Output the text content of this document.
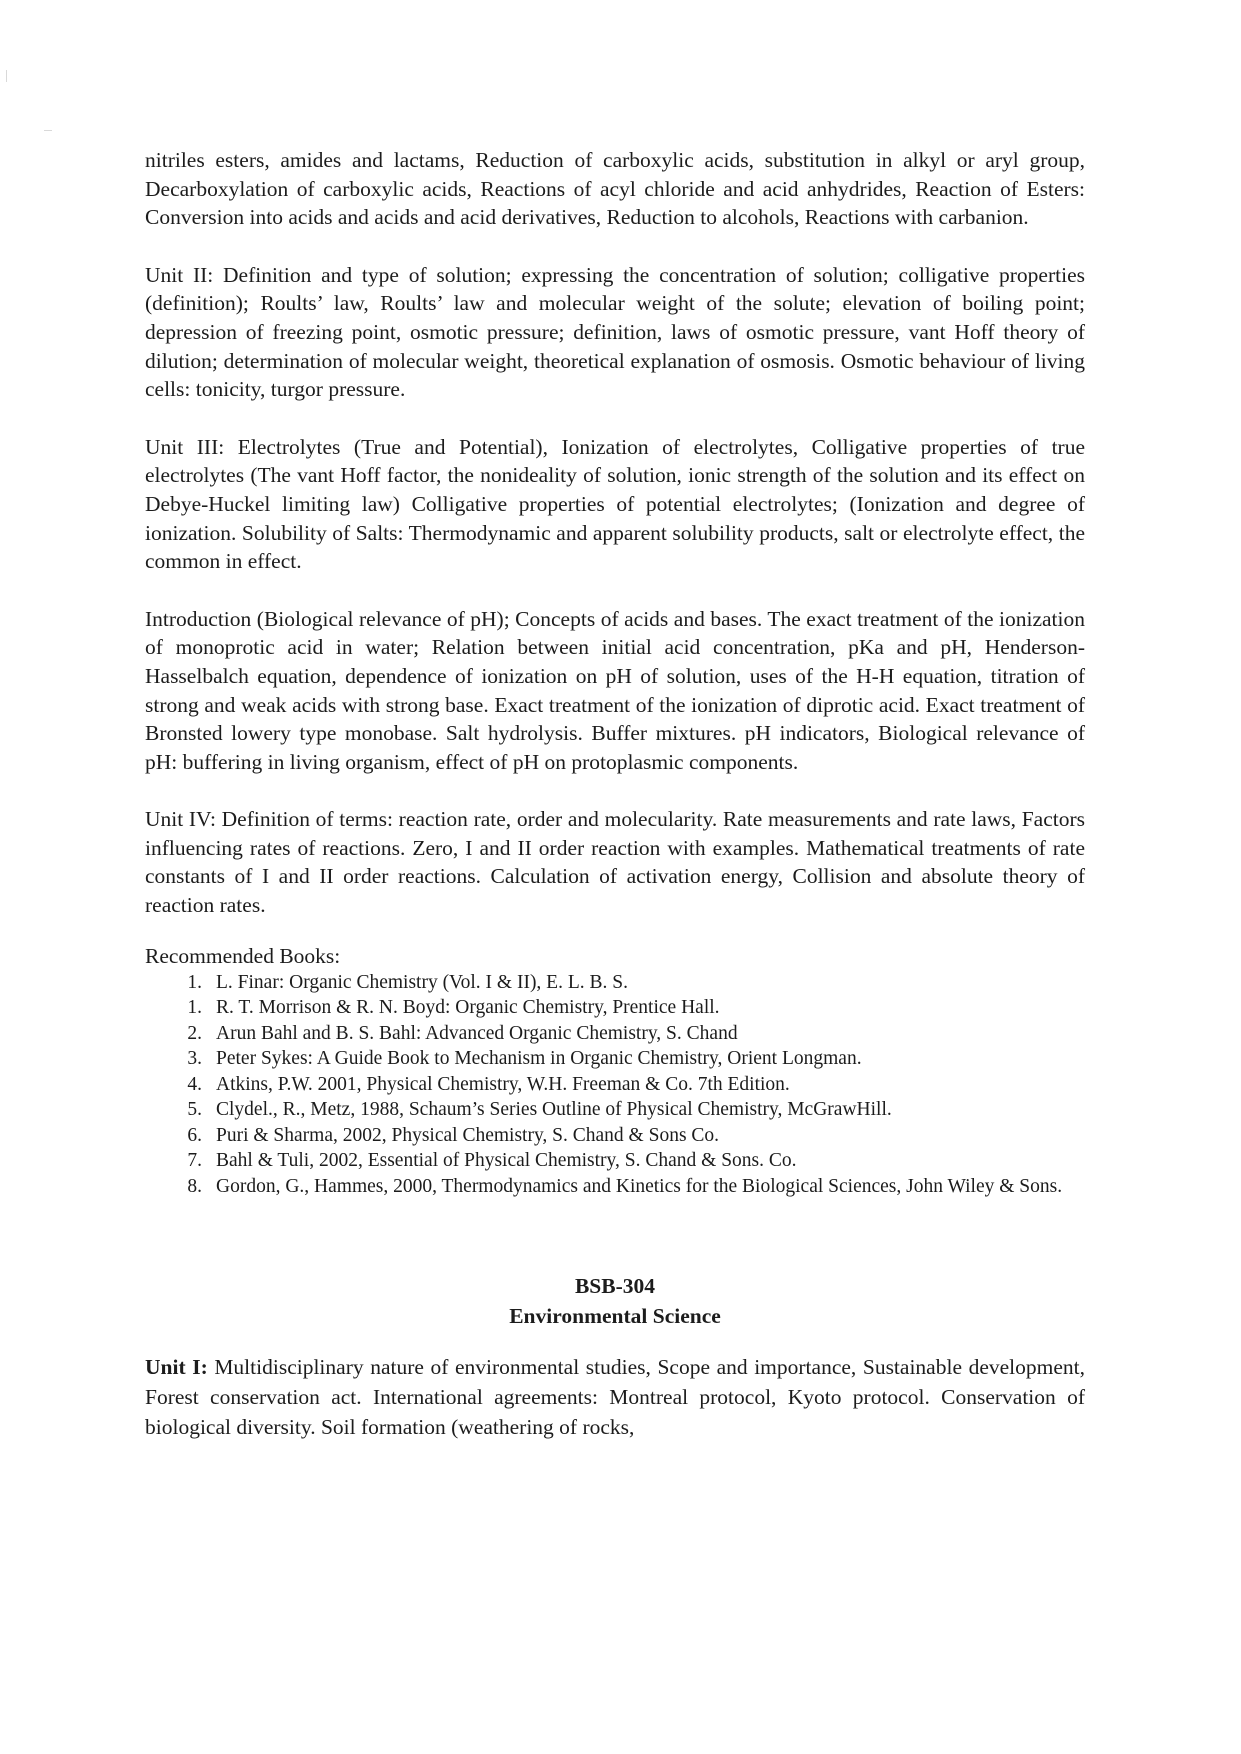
nitriles esters, amides and lactams, Reduction of carboxylic acids, substitution in alkyl or aryl group, Decarboxylation of carboxylic acids, Reactions of acyl chloride and acid anhydrides, Reaction of Esters: Conversion into acids and acids and acid derivatives, Reduction to alcohols, Reactions with carbanion.

Unit II: Definition and type of solution; expressing the concentration of solution; colligative properties (definition); Roults’ law, Roults’ law and molecular weight of the solute; elevation of boiling point; depression of freezing point, osmotic pressure; definition, laws of osmotic pressure, vant Hoff theory of dilution; determination of molecular weight, theoretical explanation of osmosis. Osmotic behaviour of living cells: tonicity, turgor pressure.

Unit III: Electrolytes (True and Potential), Ionization of electrolytes, Colligative properties of true electrolytes (The vant Hoff factor, the nonideality of solution, ionic strength of the solution and its effect on Debye-Huckel limiting law) Colligative properties of potential electrolytes; (Ionization and degree of ionization. Solubility of Salts: Thermodynamic and apparent solubility products, salt or electrolyte effect, the common in effect.

Introduction (Biological relevance of pH); Concepts of acids and bases. The exact treatment of the ionization of monoprotic acid in water; Relation between initial acid concentration, pKa and pH, Henderson-Hasselbalch equation, dependence of ionization on pH of solution, uses of the H-H equation, titration of strong and weak acids with strong base. Exact treatment of the ionization of diprotic acid. Exact treatment of Bronsted lowery type monobase. Salt hydrolysis. Buffer mixtures. pH indicators, Biological relevance of pH: buffering in living organism, effect of pH on protoplasmic components.

Unit IV: Definition of terms: reaction rate, order and molecularity. Rate measurements and rate laws, Factors influencing rates of reactions. Zero, I and II order reaction with examples. Mathematical treatments of rate constants of I and II order reactions. Calculation of activation energy, Collision and absolute theory of reaction rates.

Recommended Books:
1. L. Finar: Organic Chemistry (Vol. I & II), E. L. B. S.
1. R. T. Morrison & R. N. Boyd: Organic Chemistry, Prentice Hall.
2. Arun Bahl and B. S. Bahl: Advanced Organic Chemistry, S. Chand
3. Peter Sykes: A Guide Book to Mechanism in Organic Chemistry, Orient Longman.
4. Atkins, P.W. 2001, Physical Chemistry, W.H. Freeman & Co. 7th Edition.
5. Clydel., R., Metz, 1988, Schaum’s Series Outline of Physical Chemistry, McGrawHill.
6. Puri & Sharma, 2002, Physical Chemistry, S. Chand & Sons Co.
7. Bahl & Tuli, 2002, Essential of Physical Chemistry, S. Chand & Sons. Co.
8. Gordon, G., Hammes, 2000, Thermodynamics and Kinetics for the Biological Sciences, John Wiley & Sons.
BSB-304
Environmental Science

Unit I: Multidisciplinary nature of environmental studies, Scope and importance, Sustainable development, Forest conservation act. International agreements: Montreal protocol, Kyoto protocol. Conservation of biological diversity. Soil formation (weathering of rocks,
